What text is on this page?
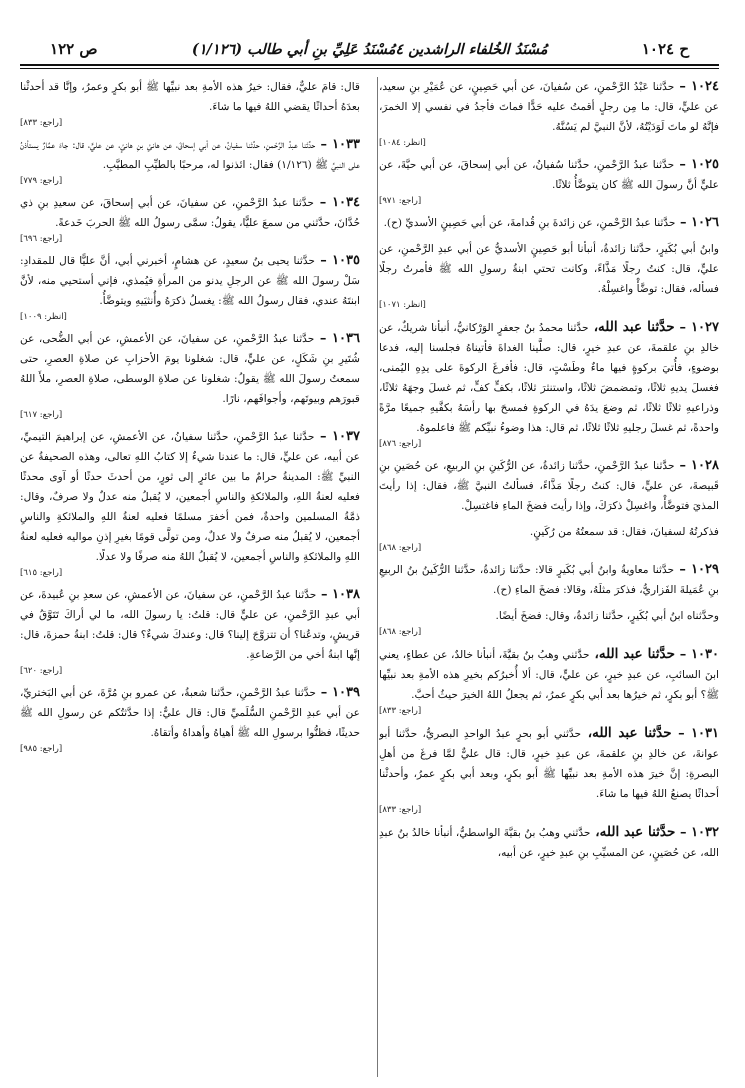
ح ١٠٢٤
مُسْنَدُ الخُلفاء الراشدين ٤مُسْنَدُ عَلِيِّ بنِ أبي طالب (١/١٢٦)
ص ١٢٢

١٠٢٤ – حدَّثنا عَبْدُ الرَّحْمنِ، عن سُفيانَ، عن أبي حَصِينٍ، عن عُمَيْرِ بنِ سعيد، عن عليٍّ، قال: ما مِن رجلٍ أقمتُ عليه حَدًّا فماتَ فأجدُ في نفسي إلا الخمرَ، فإنَّهُ لو ماتَ لَوَدَيْتُهُ، لأنَّ النبيَّ لم يَسُنَّهُ.

[انظر: ١٠٨٤]

١٠٢٥ – حدَّثنا عبدُ الرَّحْمنِ، حدَّثنا سُفيانُ، عن أبي إسحاقَ، عن أبي حيَّةَ، عن عليٍّ أنَّ رسولَ الله ﷺ كان يتوضَّأُ ثلاثًا.

[راجع: ٩٧١]

١٠٢٦ – حدَّثنا عبدُ الرَّحْمنِ، عن زائدةَ بنِ قُدامةَ، عن أبي حَصِينٍ الأسديِّ (ح).

وابنُ أبي بُكَيرٍ، حدَّثنا زائدةُ، أنبأنا أبو حَصِينٍ الأسديُّ عن أبي عبدِ الرَّحْمنِ، عن عليٍّ، قال: كنتُ رجلًا مَذَّاءً، وكانت تحتي ابنةُ رسولِ الله ﷺ فأمرتُ رجلًا فسأله، فقال: توضَّأْ واغسِلْهُ.

[انظر: ١٠٧١]

١٠٢٧ – حدَّثنا عبد الله، حدَّثنا محمدُ بنُ جعفرٍ الوَرْكانيُّ، أنبأنا شريكٌ، عن خالدِ بنِ علقمةَ، عن عبدِ خيرٍ، قال: صلَّينا الغداةَ فأتيناهُ فجلسنا إليه، فدعا بوضوءٍ، فأُتيَ بركوةٍ فيها ماءٌ وطَسْتٍ، قال: فأفرغَ الركوةَ على يدِهِ اليُمنى، فغسلَ يديهِ ثلاثًا، وتمضمضَ ثلاثًا، واستنثرَ ثلاثًا، بكفٍّ كفٍّ، ثم غسلَ وجهَهُ ثلاثًا، وذراعيهِ ثلاثًا ثلاثًا، ثم وضعَ يدَهُ في الركوةِ فمسحَ بها رأسَهُ بكفَّيهِ جميعًا مرَّةً واحدةً، ثم غسلَ رجليهِ ثلاثًا ثلاثًا، ثم قال: هذا وضوءُ نبيِّكم ﷺ فاعلموهُ.

[راجع: ٨٧٦]

١٠٢٨ – حدَّثنا عبدُ الرَّحْمنِ، حدَّثنا زائدةُ، عن الرُّكَينِ بنِ الربيعِ، عن حُصَينِ بنِ قَبيصةَ، عن عليٍّ، قال: كنتُ رجلًا مَذَّاءً، فسألتُ النبيَّ ﷺ، فقال: إذا رأيتَ المذيَ فتوضَّأْ، واغسِلْ ذكرَكَ، وإذا رأيتَ فضخَ الماءِ فاغتسِلْ.

فذكرتُهُ لسفيانَ، فقال: قد سمعتُهُ من رُكَينٍ.

[راجع: ٨٦٨]

١٠٢٩ – حدَّثنا معاويةُ وابنُ أبي بُكَيرٍ قالا: حدَّثنا زائدةُ، حدَّثنا الرُّكَينُ بنُ الربيعِ بنِ عُمَيلةَ الفَزاريُّ، فذكرَ مثلَهُ، وقالا: فضخَ الماءِ (ح).

وحدَّثناه ابنُ أبي بُكَيرٍ، حدَّثنا زائدةُ، وقال: فضخَ أيضًا.

[راجع: ٨٦٨]

١٠٣٠ – حدَّثنا عبد الله، حدَّثني وهبُ بنُ بقيَّةَ، أنبأنا خالدٌ، عن عطاءٍ، يعني ابنَ السائبِ، عن عبدِ خيرٍ، عن عليٍّ، قال: ألا أُخبرُكم بخيرِ هذه الأمةِ بعد نبيِّها ﷺ؟ أبو بكرٍ، ثم خيرُها بعد أبي بكرٍ عمرُ، ثم يجعلُ اللهُ الخيرَ حيثُ أحبَّ.

[راجع: ٨٣٣]

١٠٣١ – حدَّثنا عبد الله، حدَّثني أبو بحرٍ عبدُ الواحدِ البصريُّ، حدَّثنا أبو عوانةَ، عن خالدِ بنِ علقمةَ، عن عبدِ خيرٍ، قال: قال عليٌّ لمَّا فرغَ من أهلِ البصرةِ: إنَّ خيرَ هذه الأمةِ بعد نبيِّها ﷺ أبو بكرٍ، وبعد أبي بكرٍ عمرُ، وأحدثْنا أحداثًا يصنعُ اللهُ فيها ما شاءَ.

[راجع: ٨٣٣]

١٠٣٢ – حدَّثنا عبد الله، حدَّثني وهبُ بنُ بقيَّةَ الواسطيُّ، أنبأنا خالدُ بنُ عبدِ الله، عن حُصَينٍ، عن المسيِّبِ بنِ عبدِ خيرٍ، عن أبيه،

قال: قامَ عليٌّ، فقال: خيرُ هذه الأمةِ بعد نبيِّها ﷺ أبو بكرٍ وعمرُ، وإنَّا قد أحدثْنا بعدَهُ أحداثًا يقضي اللهُ فيها ما شاءَ.

[راجع: ٨٣٣]

١٠٣٣ – حدَّثنا عبدُ الرَّحْمنِ، حدَّثنا سفيانُ، عن أبي إسحاقَ، عن هانئِ بنِ هانئٍ، عن عليٍّ، قال: جاءَ عمَّارٌ يستأذنُ على النبيِّ ﷺ (١/١٢٦) فقال: ائذنوا له، مرحبًا بالطيِّبِ المطيَّبِ.

[راجع: ٧٧٩]

١٠٣٤ – حدَّثنا عبدُ الرَّحْمنِ، عن سفيانَ، عن أبي إسحاقَ، عن سعيدِ بنِ ذي حُدَّانَ، حدَّثني من سمعَ عليًّا، يقولُ: سمَّى رسولُ الله ﷺ الحربَ خَدعةً.

[راجع: ٦٩٦]

١٠٣٥ – حدَّثنا يحيى بنُ سعيدٍ، عن هشامٍ، أخبرني أبي، أنَّ عليًّا قال للمقدادِ: سَلْ رسولَ الله ﷺ عن الرجلِ يدنو من المرأةِ فيُمذي، فإني أستحيي منه، لأنَّ ابنتَهُ عندي، فقال رسولُ الله ﷺ: يغسلُ ذكرَهُ وأُنثيَيهِ ويتوضَّأُ.

[انظر: ١٠٠٩]

١٠٣٦ – حدَّثنا عبدُ الرَّحْمنِ، عن سفيانَ، عن الأعمشِ، عن أبي الضُّحى، عن شُتَيرِ بنِ شَكَلٍ، عن عليٍّ، قال: شغلونا يومَ الأحزابِ عن صلاةِ العصرِ، حتى سمعتُ رسولَ الله ﷺ يقولُ: شغلونا عن صلاةِ الوسطى، صلاةِ العصرِ، ملأَ اللهُ قبورَهم وبيوتَهم، وأجوافَهم، نارًا.

[راجع: ٦١٧]

١٠٣٧ – حدَّثنا عبدُ الرَّحْمنِ، حدَّثنا سفيانُ، عن الأعمشِ، عن إبراهيمَ التيميِّ، عن أبيه، عن عليٍّ، قال: ما عندنا شيءٌ إلا كتابُ اللهِ تعالى، وهذه الصحيفةُ عن النبيِّ ﷺ: المدينةُ حرامٌ ما بين عائرٍ إلى ثورٍ، من أحدثَ حدثًا أو آوى محدثًا فعليه لعنةُ اللهِ، والملائكةِ والناسِ أجمعين، لا يُقبلُ منه عدلٌ ولا صرفٌ، وقال: ذمَّةُ المسلمين واحدةٌ، فمن أخفرَ مسلمًا فعليه لعنةُ اللهِ والملائكةِ والناسِ أجمعين، لا يُقبلُ منه صرفٌ ولا عدلٌ، ومن تولَّى قومًا بغيرِ إذنِ مواليه فعليه لعنةُ اللهِ والملائكةِ والناسِ أجمعين، لا يُقبلُ اللهُ منه صرفًا ولا عدلًا.

[راجع: ٦١٥]

١٠٣٨ – حدَّثنا عبدُ الرَّحْمنِ، عن سفيانَ، عن الأعمشِ، عن سعدِ بنِ عُبيدةَ، عن أبي عبدِ الرَّحْمنِ، عن عليٍّ قال: قلتُ: يا رسولَ الله، ما لي أراكَ تَتَوَّقُ في قريشٍ، وتدعُنا؟ أن تتزوَّجَ إلينا؟ قال: وعندكَ شيءٌ؟ قال: قلتُ: ابنةُ حمزةَ، قال: إنَّها ابنةُ أخي من الرَّضاعةِ.

[راجع: ٦٢٠]

١٠٣٩ – حدَّثنا عبدُ الرَّحْمنِ، حدَّثنا شعبةُ، عن عمرو بنِ مُرَّةَ، عن أبي البَختريِّ، عن أبي عبدِ الرَّحْمنِ السُّلَميِّ قال: قال عليٌّ: إذا حدَّثتُكم عن رسولِ الله ﷺ حديثًا، فظنُّوا برسولِ الله ﷺ أهياهُ وأهداهُ وأتقاهُ.

[راجع: ٩٨٥]
